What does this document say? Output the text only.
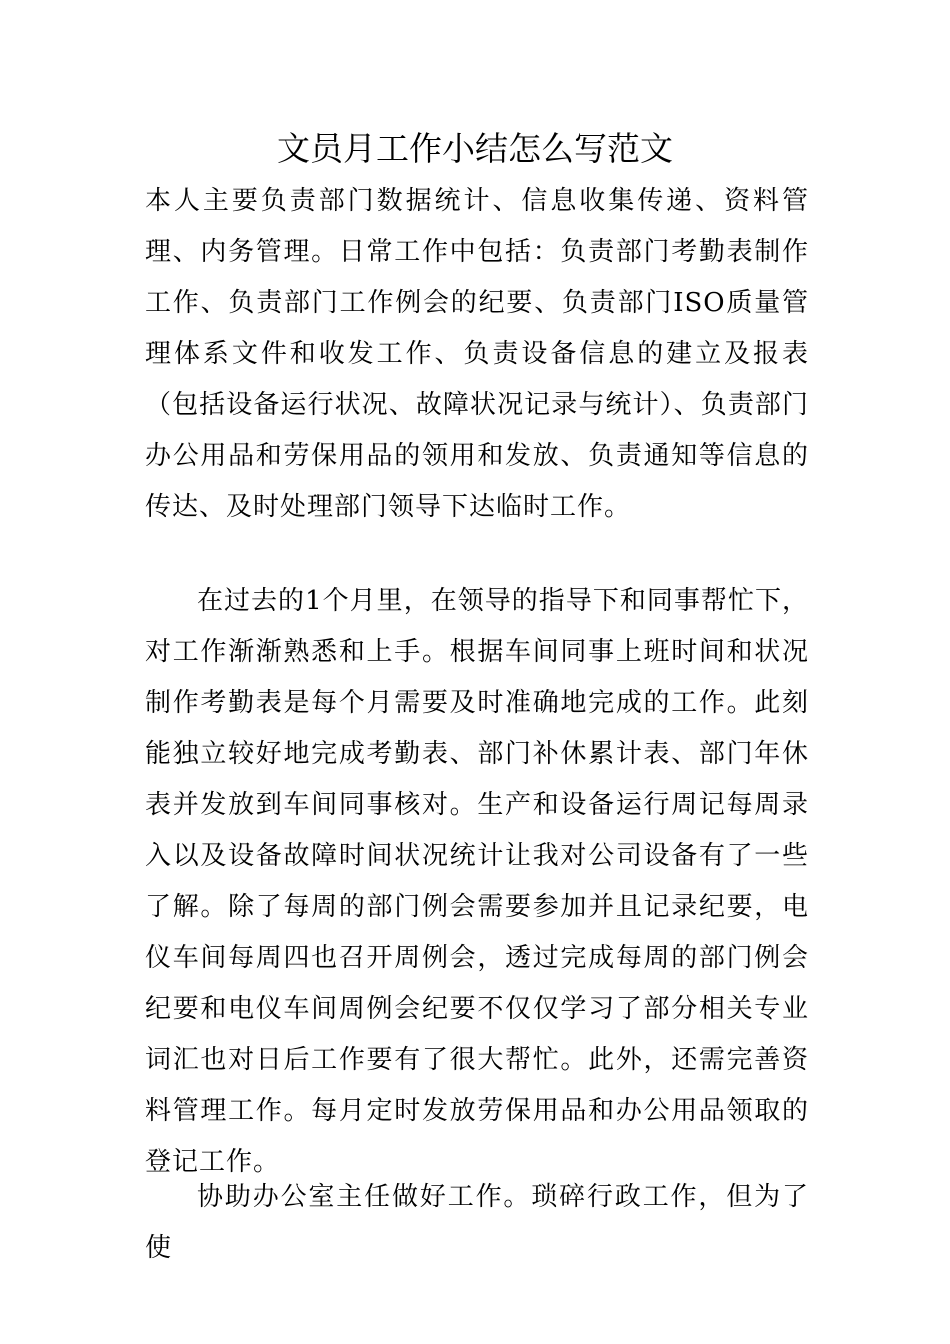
文员月工作小结怎么写范文

本人主要负责部门数据统计、信息收集传递、资料管理、内务管理。日常工作中包括：负责部门考勤表制作工作、负责部门工作例会的纪要、负责部门ISO质量管理体系文件和收发工作、负责设备信息的建立及报表（包括设备运行状况、故障状况记录与统计）、负责部门办公用品和劳保用品的领用和发放、负责通知等信息的传达、及时处理部门领导下达临时工作。

在过去的1个月里，在领导的指导下和同事帮忙下，对工作渐渐熟悉和上手。根据车间同事上班时间和状况制作考勤表是每个月需要及时准确地完成的工作。此刻能独立较好地完成考勤表、部门补休累计表、部门年休表并发放到车间同事核对。生产和设备运行周记每周录入以及设备故障时间状况统计让我对公司设备有了一些了解。除了每周的部门例会需要参加并且记录纪要，电仪车间每周四也召开周例会，透过完成每周的部门例会纪要和电仪车间周例会纪要不仅仅学习了部分相关专业词汇也对日后工作要有了很大帮忙。此外，还需完善资料管理工作。每月定时发放劳保用品和办公用品领取的登记工作。

协助办公室主任做好工作。琐碎行政工作，但为了使
